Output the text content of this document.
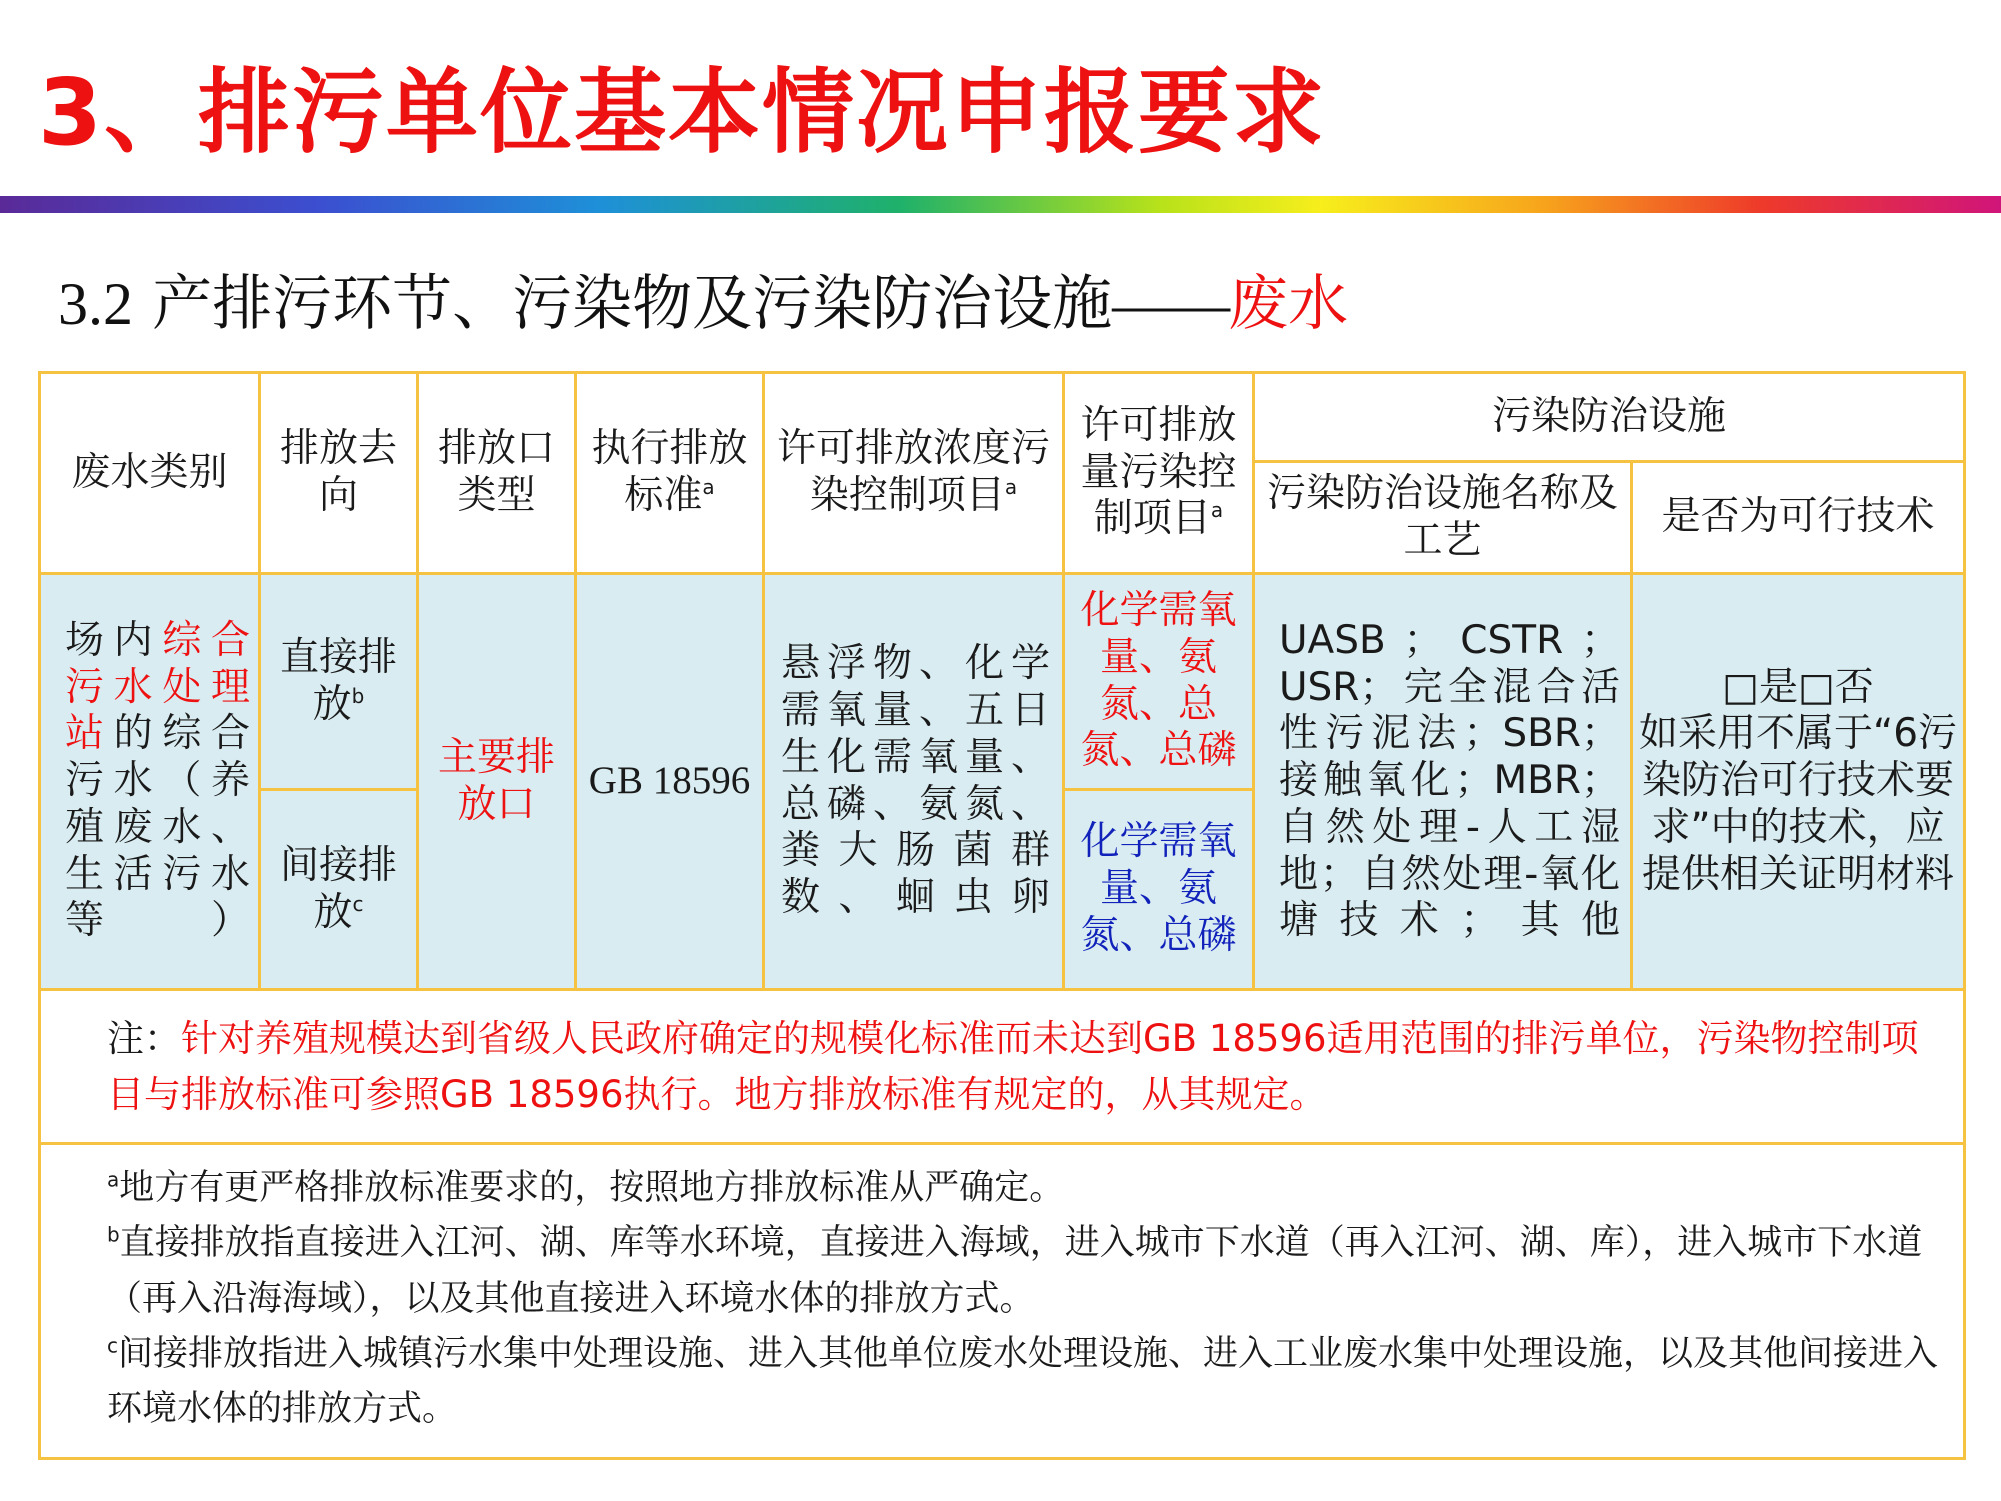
3、排污单位基本情况申报要求
3.2 产排污环节、污染物及污染防治设施——废水
废水类别	排放去向	排放口类型	执行排放标准$^a$	许可排放浓度污染控制项目$^a$	许可排放量污染控制项目$^a$	污染防治设施	
						污染防治设施名称及工艺	是否为可行技术
场内综合污水处理站的综合污水（养殖废水、生活污水等）	直接排放$^b$	主要排放口	GB 18596	悬浮物、化学需氧量、五日生化需氧量、总磷、氨氮、粪大肠菌群数、蛔虫卵	化学需氧量、氨氮、总氮、总磷	UASB ； CSTR ； USR；完全混合活性污泥法；SBR；接触氧化；MBR；自然处理-人工湿地；自然处理-氧化塘技术；其他	□是□否
如采用不属于“6污染防治可行技术要求”中的技术，应提供相关证明材料

	间接排放$^c$				化学需氧量、氨氮、总磷		
注：针对养殖规模达到省级人民政府确定的规模化标准而未达到GB 18596适用范围的排污单位，污染物控制项目与排放标准可参照GB 18596执行。地方排放标准有规定的，从其规定。							

$^a$地方有更严格排放标准要求的，按照地方排放标准从严确定。
$^b$直接排放指直接进入江河、湖、库等水环境，直接进入海域，进入城市下水道（再入江河、湖、库），进入城市下水道（再入沿海海域），以及其他直接进入环境水体的排放方式。
$^c$间接排放指进入城镇污水集中处理设施、进入其他单位废水处理设施、进入工业废水集中处理设施，以及其他间接进入环境水体的排放方式。							
